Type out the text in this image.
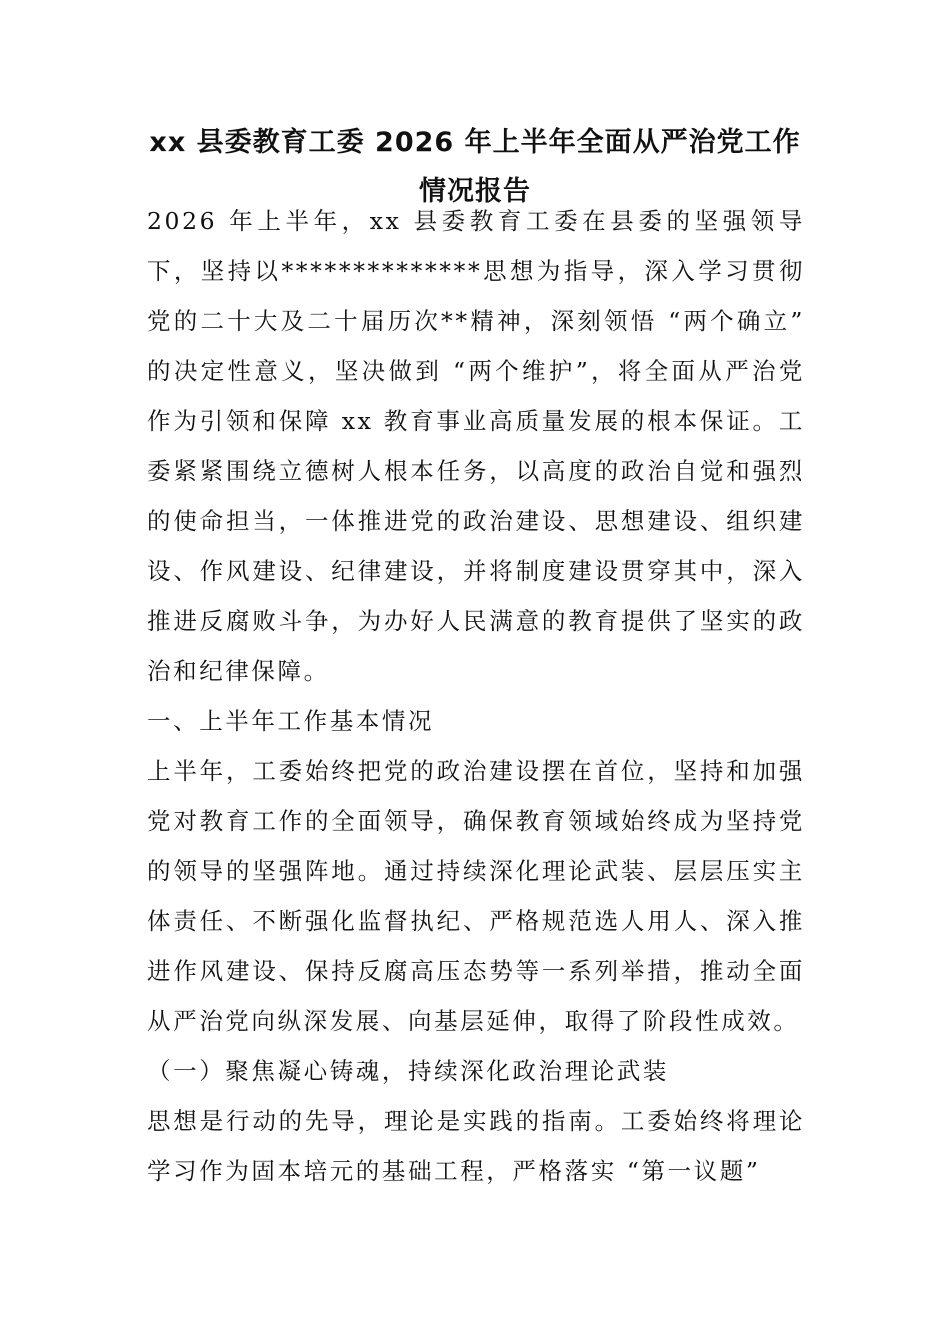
xx 县委教育工委 2026 年上半年全面从严治党工作
情况报告

2026 年上半年，xx 县委教育工委在县委的坚强领导下，坚持以**************思想为指导，深入学习贯彻党的二十大及二十届历次**精神，深刻领悟 “两个确立” 的决定性意义，坚决做到 “两个维护”，将全面从严治党作为引领和保障 xx 教育事业高质量发展的根本保证。工委紧紧围绕立德树人根本任务，以高度的政治自觉和强烈的使命担当，一体推进党的政治建设、思想建设、组织建设、作风建设、纪律建设，并将制度建设贯穿其中，深入推进反腐败斗争，为办好人民满意的教育提供了坚实的政治和纪律保障。

一、上半年工作基本情况

上半年，工委始终把党的政治建设摆在首位，坚持和加强党对教育工作的全面领导，确保教育领域始终成为坚持党的领导的坚强阵地。通过持续深化理论武装、层层压实主体责任、不断强化监督执纪、严格规范选人用人、深入推进作风建设、保持反腐高压态势等一系列举措，推动全面从严治党向纵深发展、向基层延伸，取得了阶段性成效。

（一）聚焦凝心铸魂，持续深化政治理论武装

思想是行动的先导，理论是实践的指南。工委始终将理论学习作为固本培元的基础工程，严格落实 “第一议题”
